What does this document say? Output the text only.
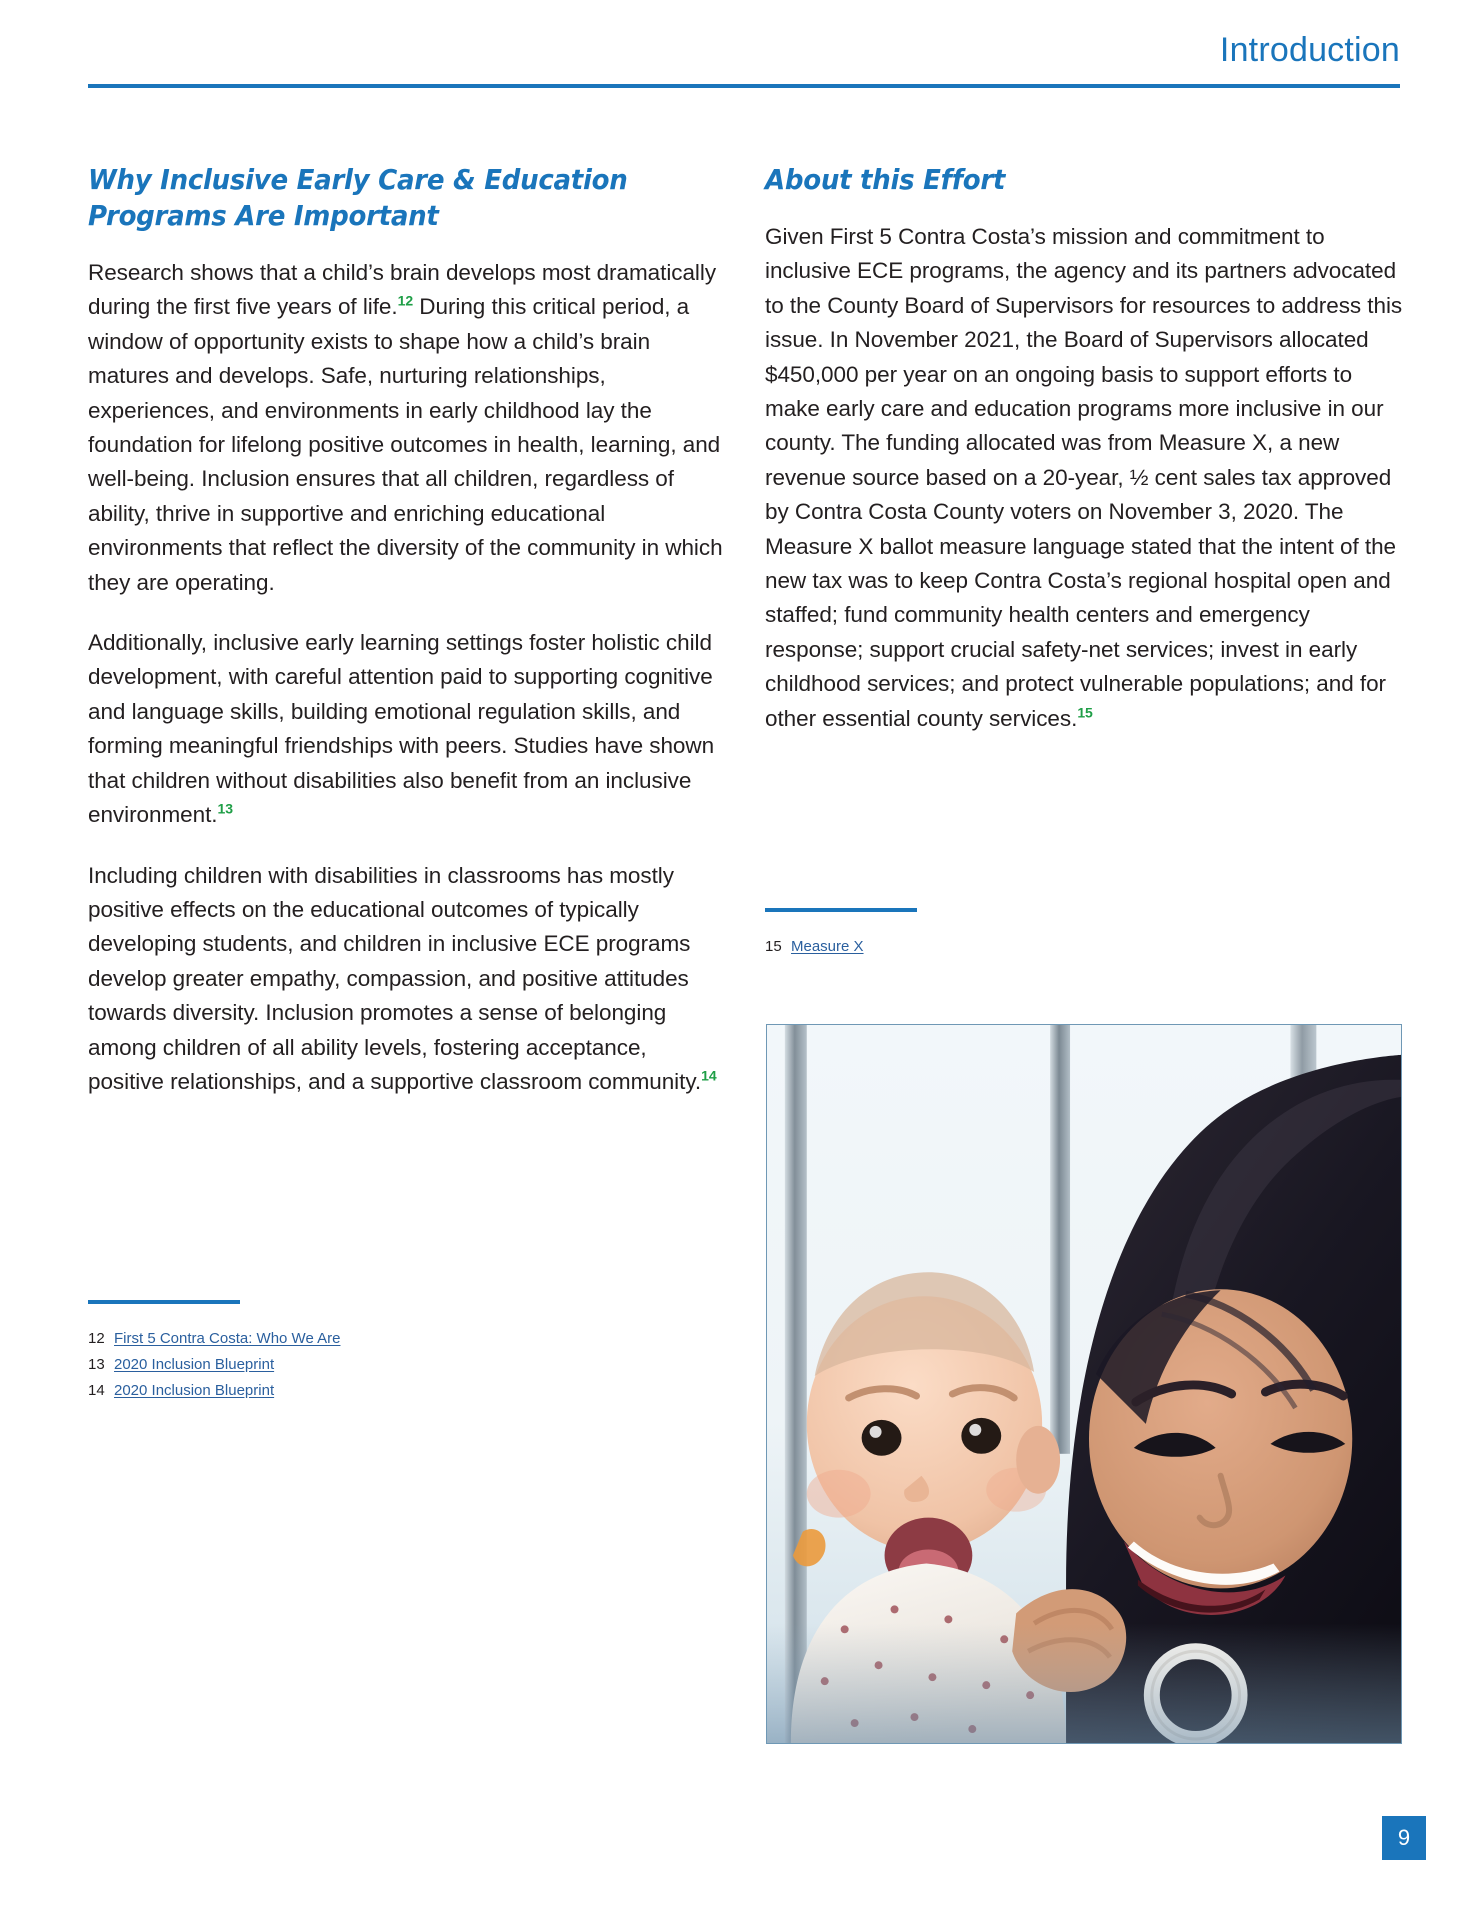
Introduction
Why Inclusive Early Care & Education
Programs Are Important

Research shows that a child’s brain develops most dramatically during the first five years of life.$^{12}$ During this critical period, a window of opportunity exists to shape how a child’s brain matures and develops. Safe, nurturing relationships, experiences, and environments in early childhood lay the foundation for lifelong positive outcomes in health, learning, and well-being. Inclusion ensures that all children, regardless of ability, thrive in supportive and enriching educational environments that reflect the diversity of the community in which they are operating.

Additionally, inclusive early learning settings foster holistic child development, with careful attention paid to supporting cognitive and language skills, building emotional regulation skills, and forming meaningful friendships with peers. Studies have shown that children without disabilities also benefit from an inclusive environment.$^{13}$

Including children with disabilities in classrooms has mostly positive effects on the educational outcomes of typically developing students, and children in inclusive ECE programs develop greater empathy, compassion, and positive attitudes towards diversity. Inclusion promotes a sense of belonging among children of all ability levels, fostering acceptance, positive relationships, and a supportive classroom community.$^{14}$

About this Effort

Given First 5 Contra Costa’s mission and commitment to inclusive ECE programs, the agency and its partners advocated to the County Board of Supervisors for resources to address this issue. In November 2021, the Board of Supervisors allocated $450,000 per year on an ongoing basis to support efforts to make early care and education programs more inclusive in our county. The funding allocated was from Measure X, a new revenue source based on a 20-year, ½ cent sales tax approved by Contra Costa County voters on November 3, 2020. The Measure X ballot measure language stated that the intent of the new tax was to keep Contra Costa’s regional hospital open and staffed; fund community health centers and emergency response; support crucial safety-net services; invest in early childhood services; and protect vulnerable populations; and for other essential county services.$^{15}$

15 Measure X
12 First 5 Contra Costa: Who We Are
13 2020 Inclusion Blueprint
14 2020 Inclusion Blueprint
9
